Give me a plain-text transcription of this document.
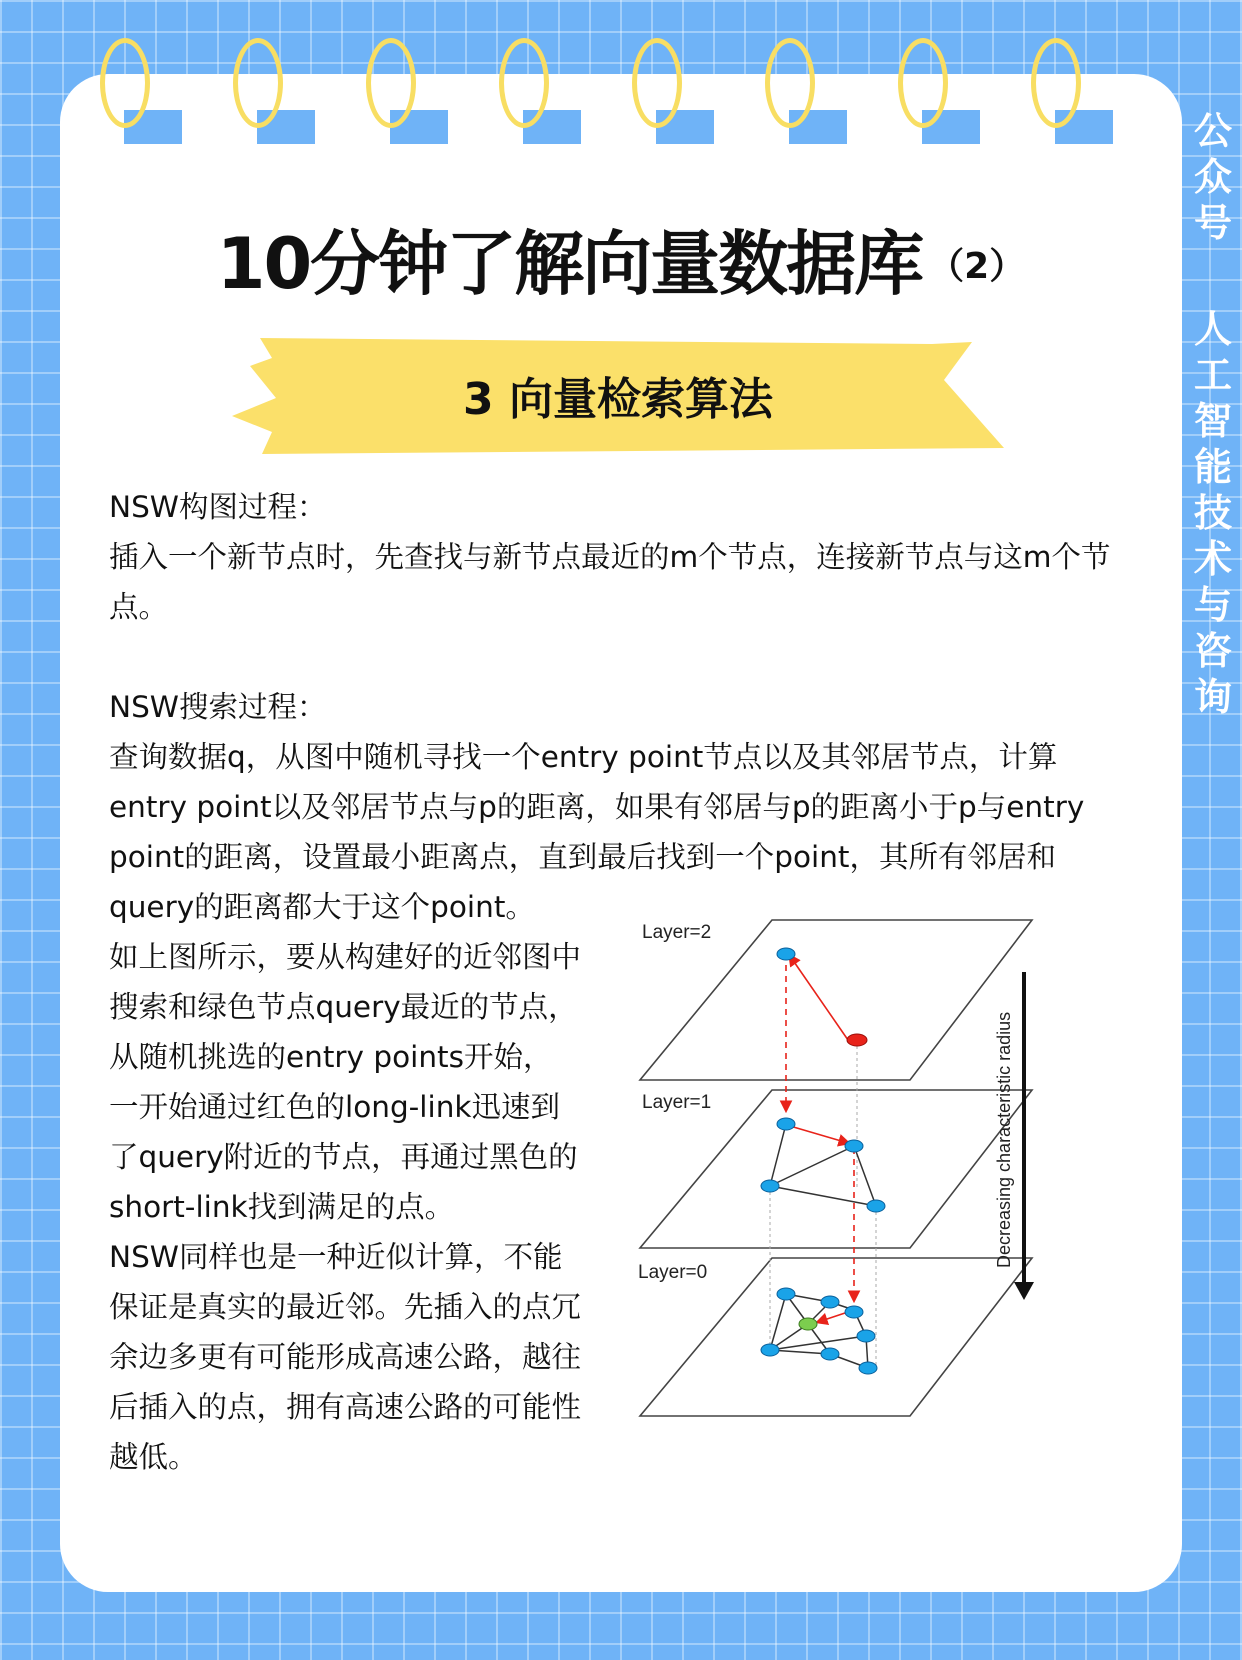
公
众
号
人
工
智
能
技
术
与
咨
询
10分钟了解向量数据库 （2）
3 向量检索算法

NSW构图过程：

插入一个新节点时，先查找与新节点最近的m个节点，连接新节点与这m个节点。

NSW搜索过程：

查询数据q，从图中随机寻找一个entry point节点以及其邻居节点，计算entry point以及邻居节点与p的距离，如果有邻居与p的距离小于p与entry point的距离，设置最小距离点，直到最后找到一个point，其所有邻居和query的距离都大于这个point。

如上图所示，要从构建好的近邻图中

搜索和绿色节点query最近的节点，

从随机挑选的entry points开始，

一开始通过红色的long-link迅速到

了query附近的节点，再通过黑色的

short-link找到满足的点。

NSW同样也是一种近似计算，不能

保证是真实的最近邻。先插入的点冗

余边多更有可能形成高速公路，越往

后插入的点，拥有高速公路的可能性

越低。

Layer=2
Layer=1
Layer=0
Decreasing characteristic radius
